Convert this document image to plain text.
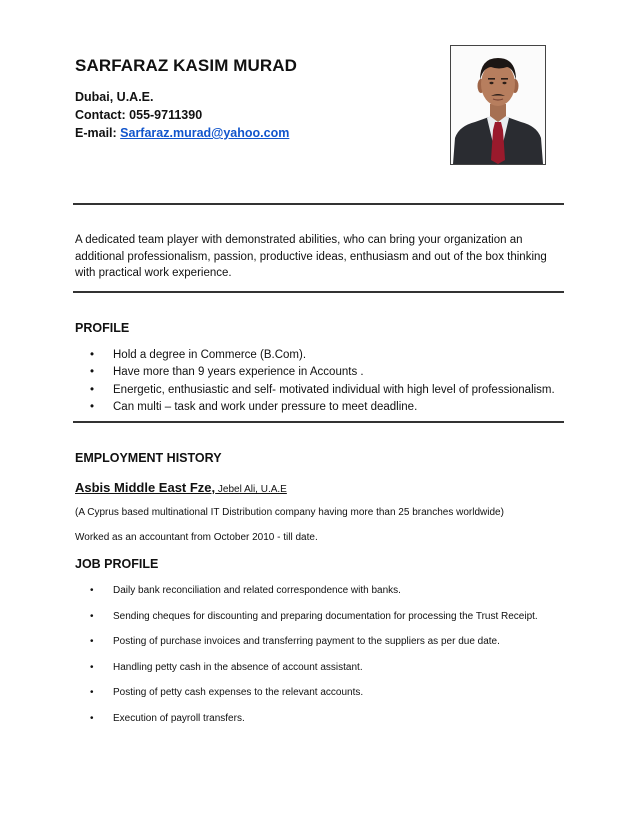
SARFARAZ KASIM MURAD
Dubai, U.A.E.
Contact: 055-9711390
E-mail: Sarfaraz.murad@yahoo.com
A dedicated team player with demonstrated abilities, who can bring your organization an additional professionalism, passion, productive ideas, enthusiasm and out of the box thinking with practical work experience.
PROFILE
• Hold a degree in Commerce (B.Com).
• Have more than 9 years experience in Accounts .
• Energetic, enthusiastic and self- motivated individual with high level of professionalism.
• Can multi – task and work under pressure to meet deadline.
EMPLOYMENT HISTORY
Asbis Middle East Fze, Jebel Ali, U.A.E
(A Cyprus based multinational IT Distribution company having more than 25 branches worldwide)
Worked as an accountant from October 2010 - till date.
JOB PROFILE
• Daily bank reconciliation and related correspondence with banks.
• Sending cheques for discounting and preparing documentation for processing the Trust Receipt.
• Posting of purchase invoices and transferring payment to the suppliers as per due date.
• Handling petty cash in the absence of account assistant.
• Posting of petty cash expenses to the relevant accounts.
• Execution of payroll transfers.
